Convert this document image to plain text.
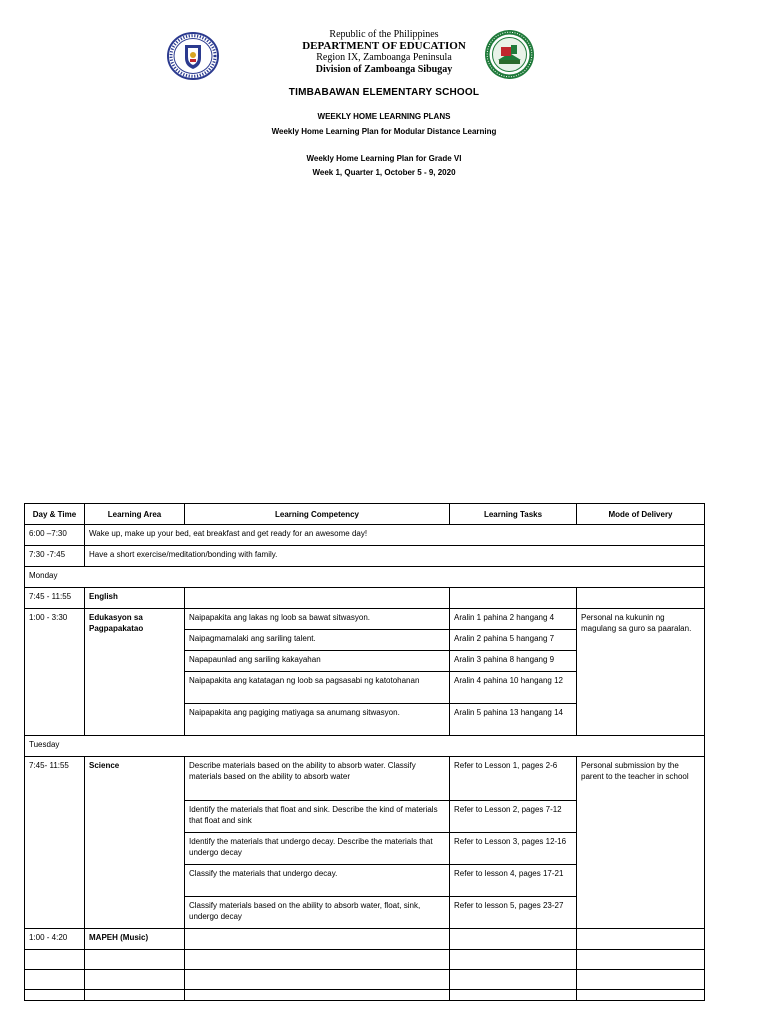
Republic of the Philippines
DEPARTMENT OF EDUCATION
Region IX, Zamboanga Peninsula
Division of Zamboanga Sibugay
TIMBABAWAN ELEMENTARY SCHOOL
WEEKLY HOME LEARNING PLANS
Weekly Home Learning Plan for Modular Distance Learning
Weekly Home Learning Plan for Grade VI
Week 1, Quarter 1, October 5 - 9, 2020
Day & Time	Learning Area	Learning Competency	Learning Tasks	Mode of Delivery
6:00 –7:30	Wake up, make up your bed, eat breakfast and get ready for an awesome day!			
7:30 -7:45	Have a short exercise/meditation/bonding with family.			
Monday				
7:45 - 11:55	English			
1:00 - 3:30	Edukasyon sa Pagpapakatao	Naipapakita ang lakas ng loob sa bawat sitwasyon.	Aralin 1 pahina 2 hangang 4	Personal na kukunin ng magulang sa guro sa paaralan.
		Naipagmamalaki ang sariling talent.	Aralin 2 pahina 5 hangang 7	
		Napapaunlad ang sariling kakayahan	Aralin 3 pahina 8 hangang 9	
		Naipapakita ang katatagan ng loob sa pagsasabi ng katotohanan	Aralin 4 pahina 10 hangang 12	
		Naipapakita ang pagiging matiyaga sa anumang sitwasyon.	Aralin 5 pahina 13 hangang 14	
Tuesday				
7:45- 11:55	Science	Describe materials based on the ability to absorb water. Classify materials based on the ability to absorb water	Refer to Lesson 1, pages 2-6	Personal submission by the parent to the teacher in school
		Identify the materials that float and sink. Describe the kind of materials that float and sink	Refer to Lesson 2, pages 7-12	
		Identify the materials that undergo decay. Describe the materials that undergo decay	Refer to Lesson 3, pages 12-16	
		Classify the materials that undergo decay.	Refer to lesson 4, pages 17-21	
		Classify materials based on the ability to absorb water, float, sink, undergo decay	Refer to lesson 5, pages 23-27	
1:00 - 4:20	MAPEH (Music)			
